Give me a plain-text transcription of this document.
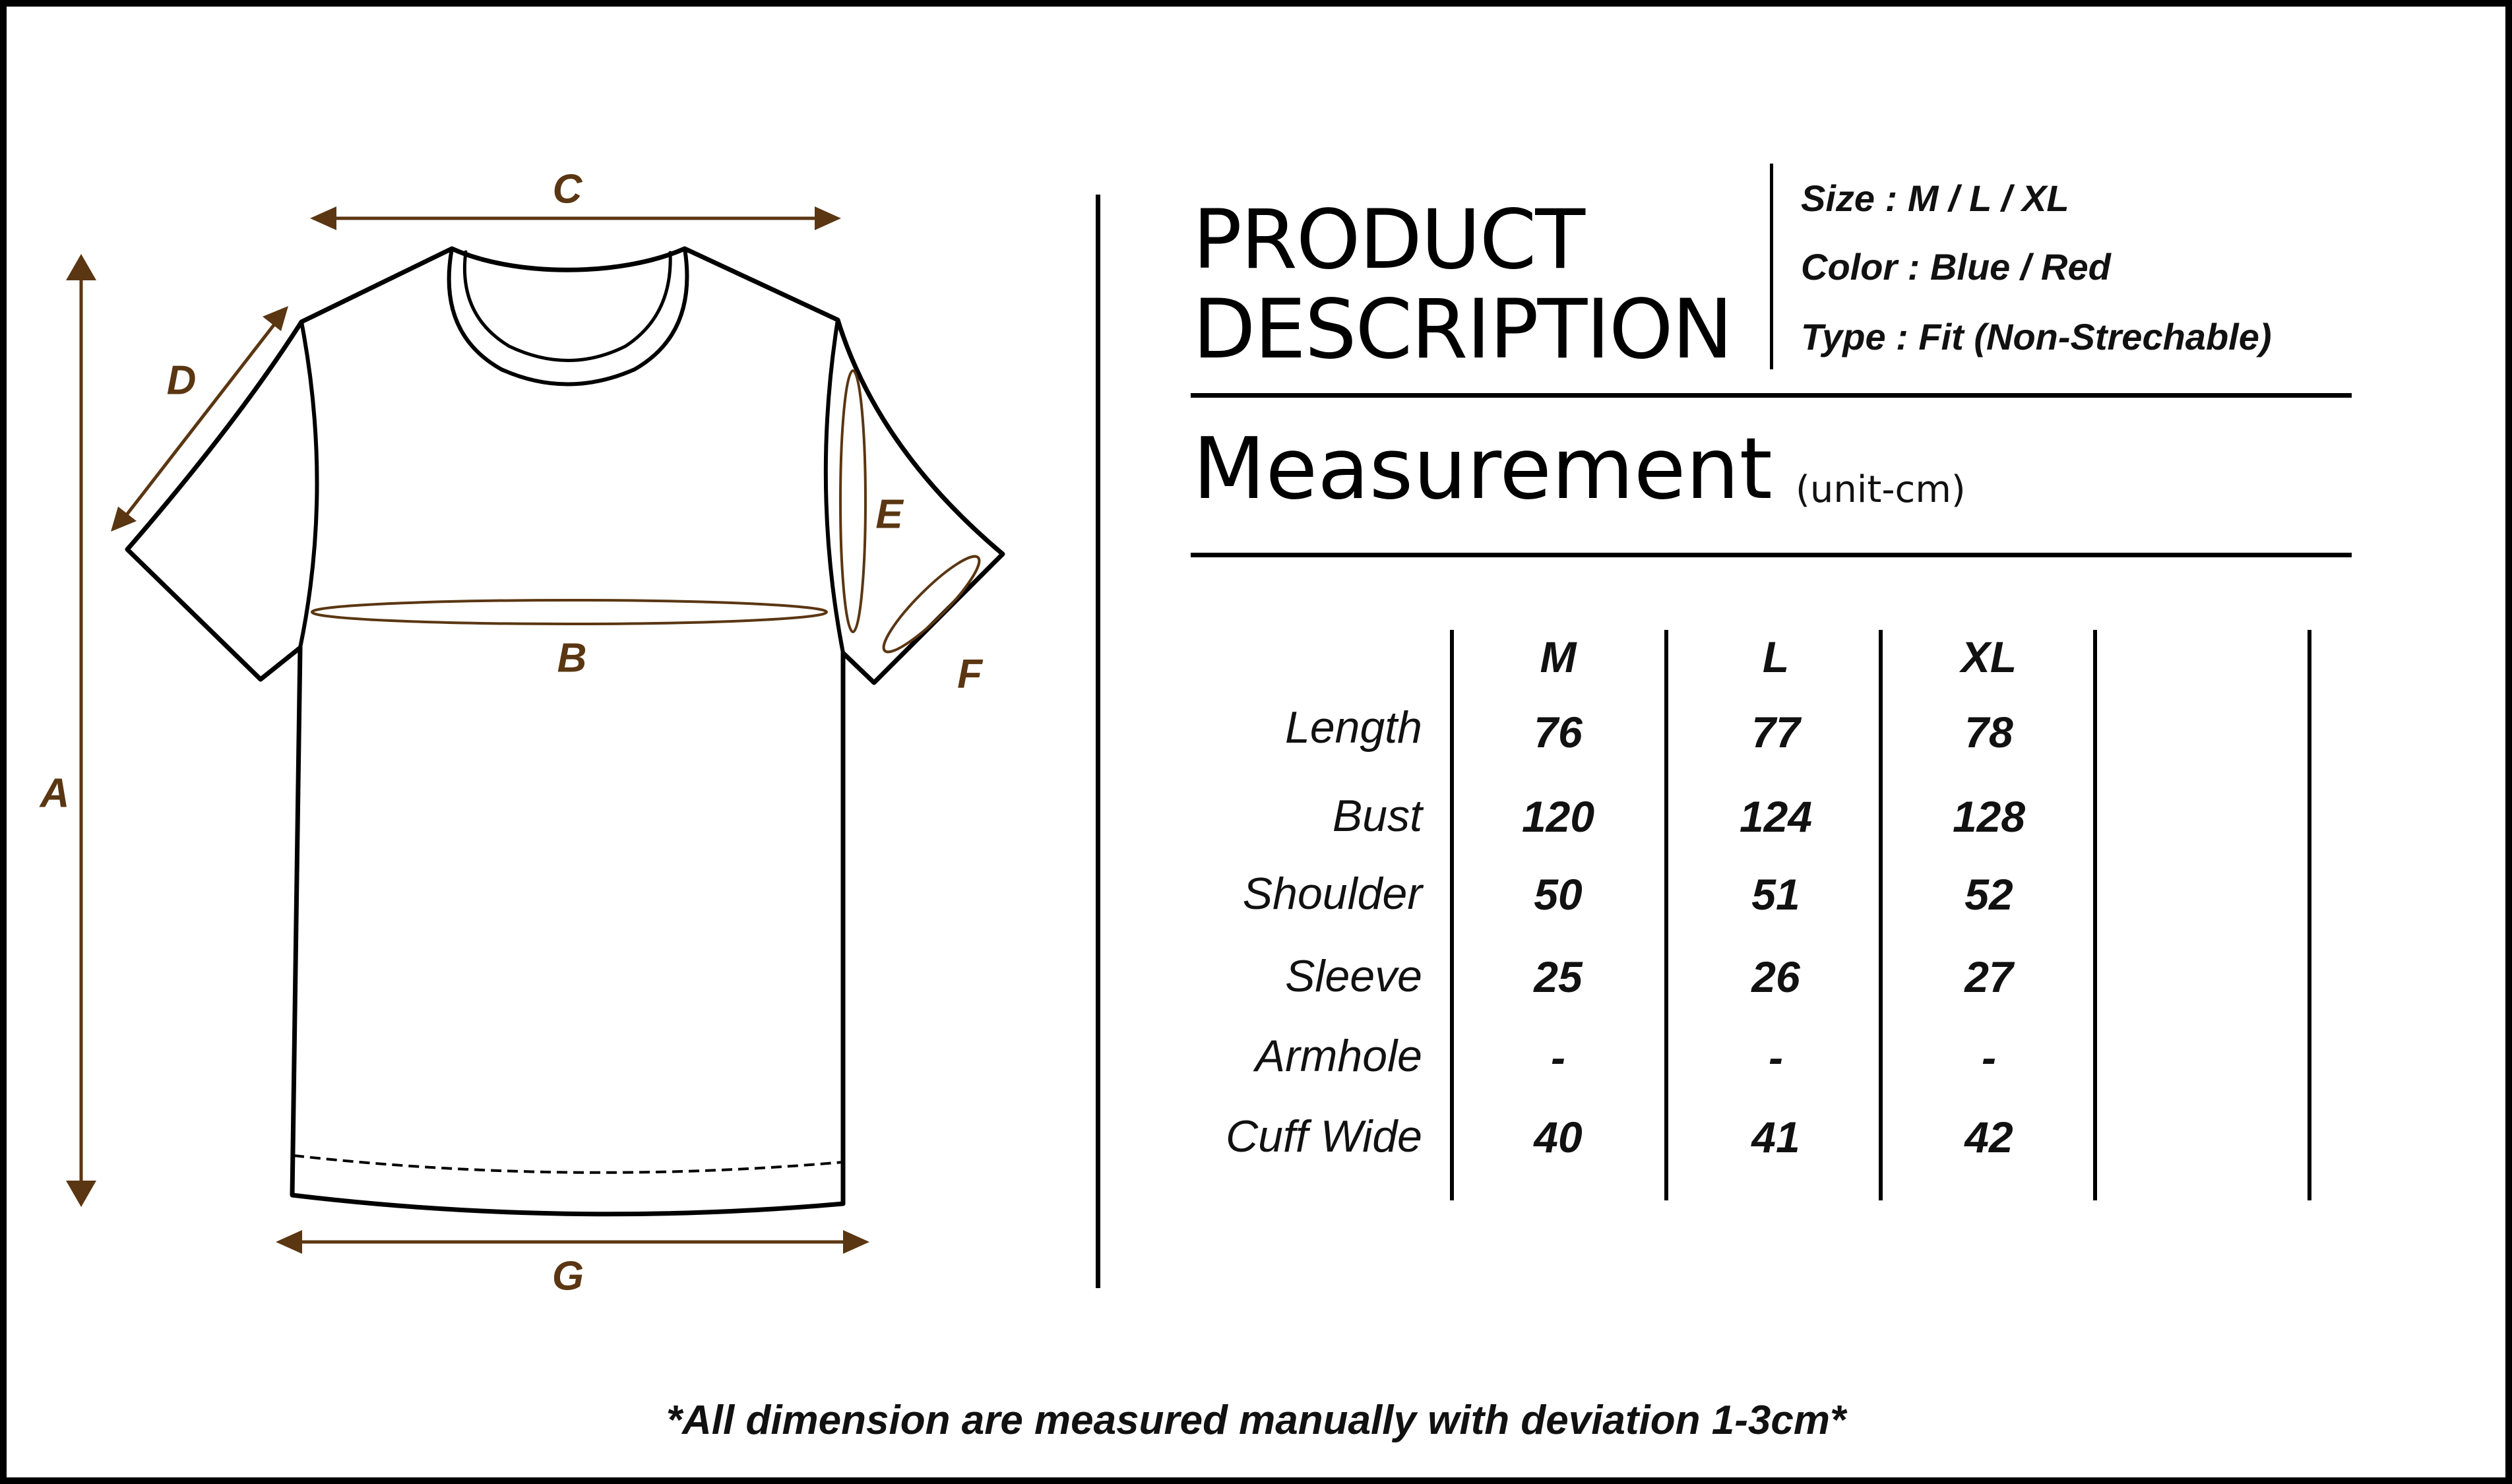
A
B
C
D
E
F
G
PRODUCT
DESCRIPTION
Size : M / L / XL
Color : Blue / Red
Type : Fit (Non-Strechable)
Measurement (unit-cm)
M	L	XL
Length	76	77	78
Bust 120	124	128
Shoulder	50	51	52
Sleeve	25	26	27
Armhole	-	-	-
Cuff Wide	40	41	42
*All dimension are measured manually with deviation 1-3cm*
